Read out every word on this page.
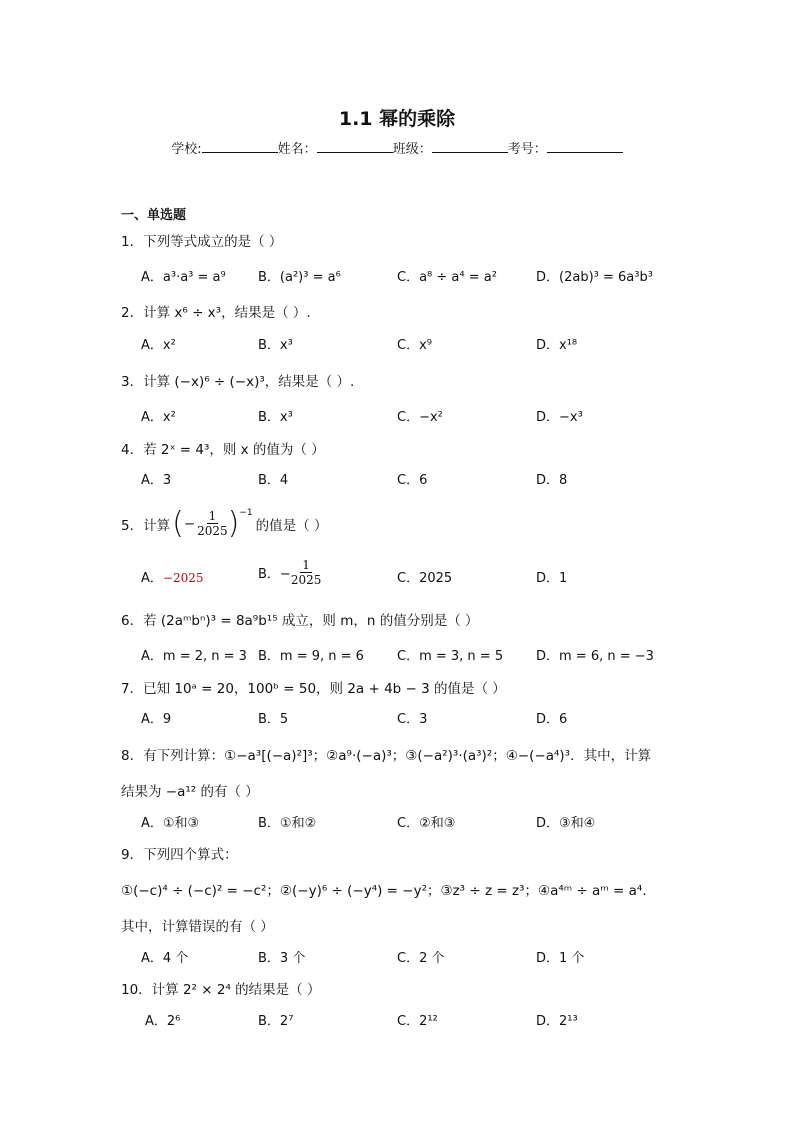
1.1 幂的乘除
学校:	姓名：	班级：	考号：
一、单选题
1．下列等式成立的是（ ）
A．a³·a³ = a⁹ B．(a²)³ = a⁶	C．a⁸ ÷ a⁴ = a²	D．(2ab)³ = 6a³b³
2．计算 x⁶ ÷ x³，结果是（ ）.
A．x²	B．x³	C．x⁹	D．x¹⁸
3．计算 (−x)⁶ ÷ (−x)³，结果是（ ）.
A．x²	B．x³	C．−x²	D．−x³
4．若 2ˣ = 4³，则 x 的值为（ ）
A．3	B．4	C．6	D．8
5．计算 ( − $\frac{1}{2025}$ ) −1
的值是（ ）
A．−2025	B．− $\frac{1}{2025}$	C．2025	D．1
6．若 (2aᵐbⁿ)³ = 8a⁹b¹⁵ 成立，则 m，n 的值分别是（ ）
A．m = 2, n = 3 B．m = 9, n = 6	C．m = 3, n = 5	D．m = 6, n = −3
7．已知 10ᵃ = 20，100ᵇ = 50，则 2a + 4b − 3 的值是（ ）
A．9	B．5	C．3	D．6
8．有下列计算：①−a³[(−a)²]³；②a⁹·(−a)³；③(−a²)³·(a³)²；④−(−a⁴)³．其中，计算
结果为 −a¹² 的有（ ）
A．①和③	B．①和②	C．②和③	D．③和④
9．下列四个算式：
①(−c)⁴ ÷ (−c)² = −c²；②(−y)⁶ ÷ (−y⁴) = −y²；③z³ ÷ z = z³；④a⁴ᵐ ÷ aᵐ = a⁴．
其中，计算错误的有（ ）
A．4 个	B．3 个	C．2 个	D．1 个
10．计算 2² × 2⁴ 的结果是（ ）
A．2⁶	B．2⁷	C．2¹²	D．2¹³
